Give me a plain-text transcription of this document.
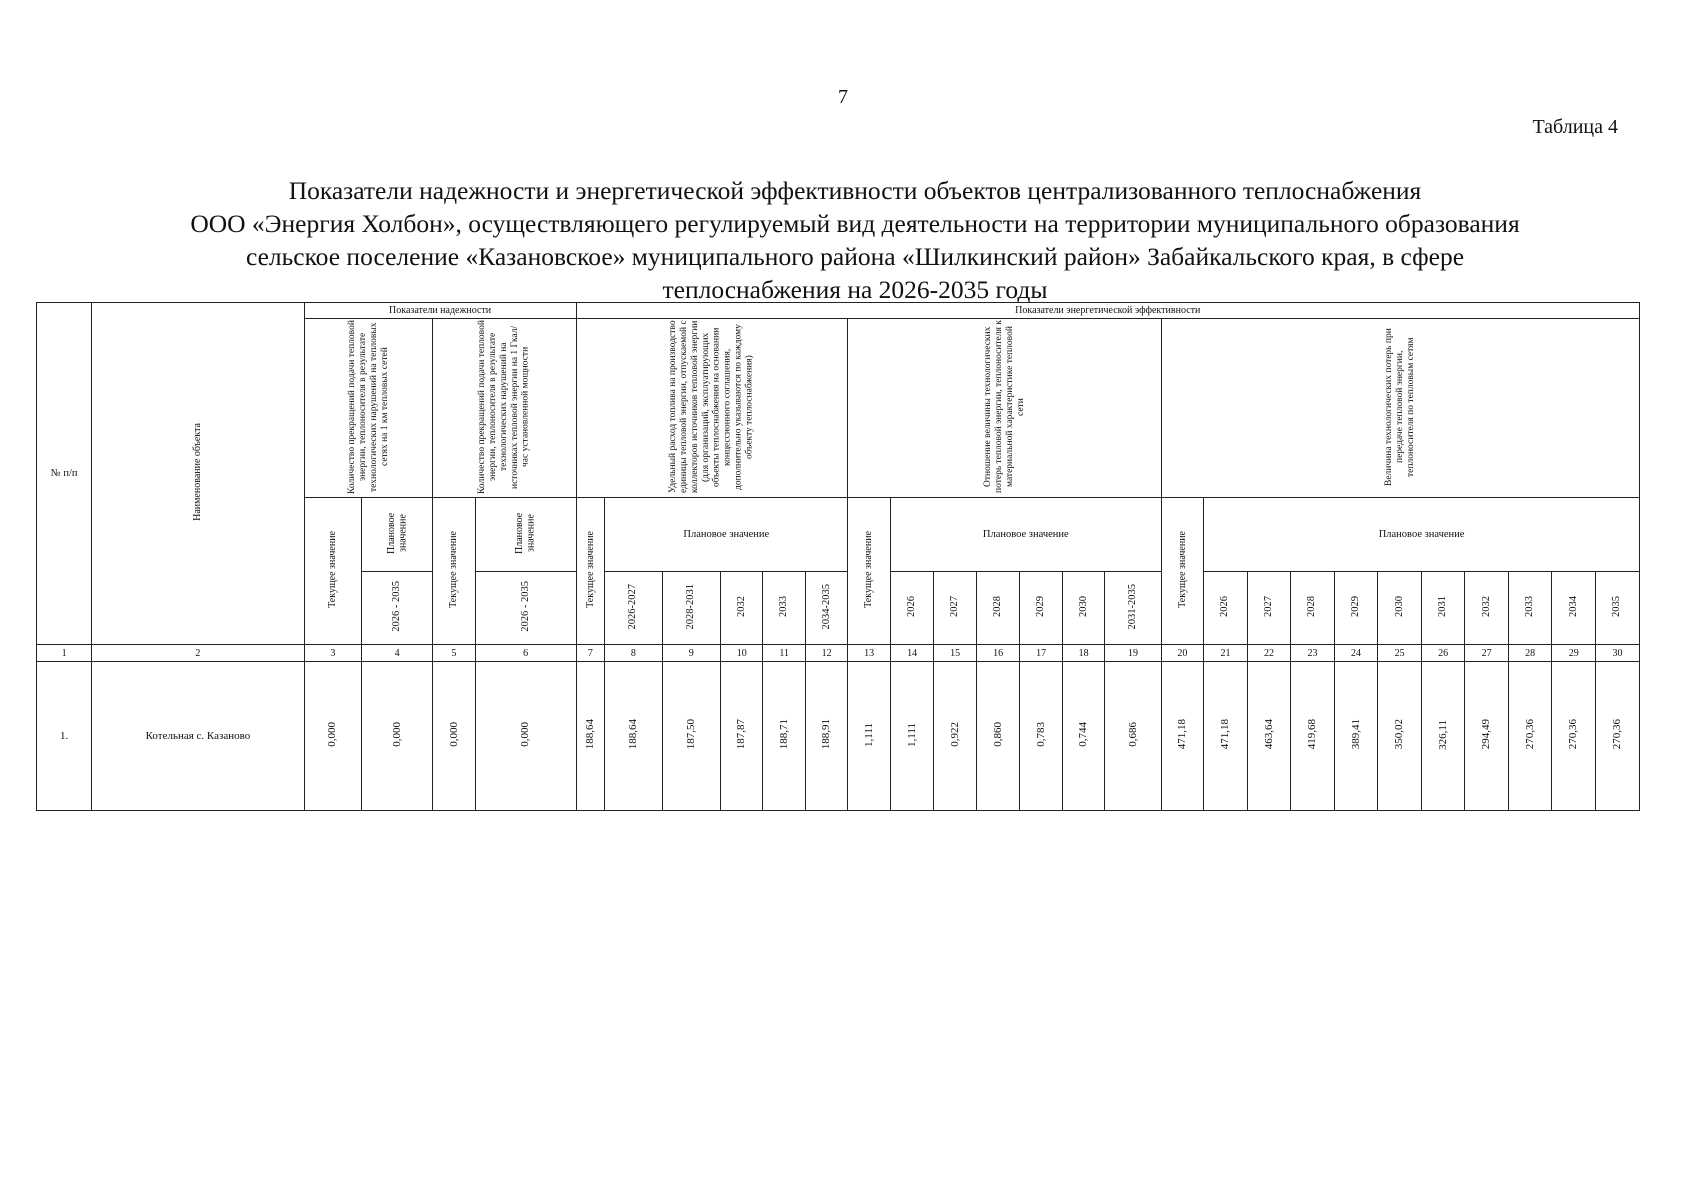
7
Таблица 4
Показатели надежности и энергетической эффективности объектов централизованного теплоснабжения
ООО «Энергия Холбон», осуществляющего регулируемый вид деятельности на территории муниципального образования
сельское поселение «Казановское» муниципального района «Шилкинский район» Забайкальского края, в сфере
теплоснабжения на 2026-2035 годы
№ п/п	Наименование объекта	Показатели надежности				Показатели энергетической эффективности																							
		Количество прекращений подачи тепловой энергии, теплоносителя в результате технологических нарушений на тепловых сетях на 1 км тепловых сетей		Количество прекращений подачи тепловой энергии, теплоносителя в результате технологических нарушений на источниках тепловой энергии на 1 Гкал/час установленной мощности		Удельный расход топлива на производство единицы тепловой энергии, отпускаемой с коллекторов источников тепловой энергии (для организаций, эксплуатирующих объекты теплоснабжения на основании концессионного соглашения, дополнительно указываются по каждому объекту теплоснабжения)						Отношение величины технологических потерь тепловой энергии, теплоносителя к материальной характеристике тепловой сети							Величина технологических потерь при передаче тепловой энергии, теплоносителя по тепловым сетям										
		Текущее значение	Плановое значение	Текущее значение	Плановое значение	Текущее значение	Плановое значение					Текущее значение	Плановое значение						Текущее значение	Плановое значение									
			2026 - 2035		2026 - 2035		2026-2027	2028-2031	2032	2033	2034-2035		2026	2027	2028	2029	2030	2031-2035		2026	2027	2028	2029	2030	2031	2032	2033	2034	2035
1	2	3	4	5	6	7	8	9	10	11	12	13	14	15	16	17	18	19	20	21	22	23	24	25	26	27	28	29	30
1.	Котельная с. Казаново	0,000	0,000	0,000	0,000	188,64	188,64	187,50	187,87	188,71	188,91	1,111	1,111	0,922	0,860	0,783	0,744	0,686	471,18	471,18	463,64	419,68	389,41	350,02	326,11	294,49	270,36	270,36	270,36
